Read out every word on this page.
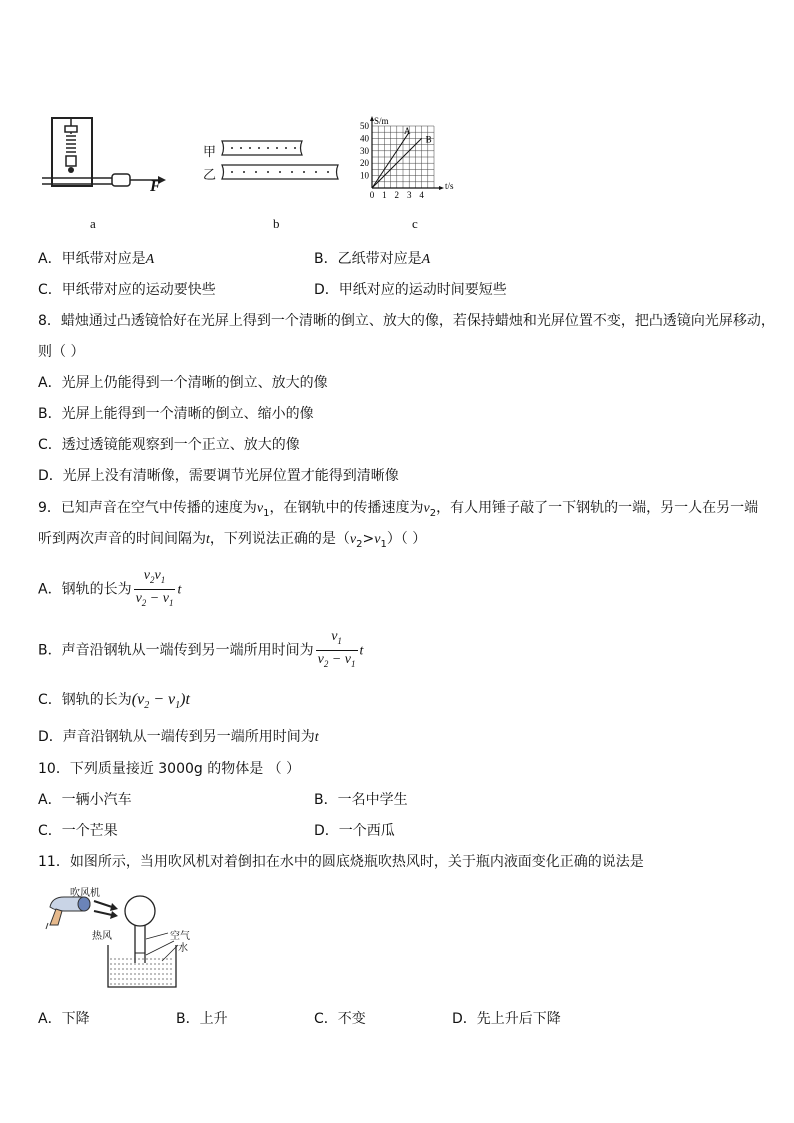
F
a
甲
乙
b
10
20
30
40
50
0 1 2 3 4
S/m
t/s
A
B
c
A．甲纸带对应是A	B．乙纸带对应是A
C．甲纸带对应的运动要快些	D．甲纸对应的运动时间要短些
8．蜡烛通过凸透镜恰好在光屏上得到一个清晰的倒立、放大的像，若保持蜡烛和光屏位置不变，把凸透镜向光屏移动，
则（ ）
A．光屏上仍能得到一个清晰的倒立、放大的像
B．光屏上能得到一个清晰的倒立、缩小的像
C．透过透镜能观察到一个正立、放大的像
D．光屏上没有清晰像，需要调节光屏位置才能得到清晰像
9．已知声音在空气中传播的速度为$v_1$，在钢轨中的传播速度为$v_2$，有人用锤子敲了一下钢轨的一端，另一人在另一端
听到两次声音的时间间隔为t，下列说法正确的是$(v_2>v_1)$（ ）
A．钢轨的长为 $\frac{v_2v_1}{v_2 - v_1}$ t
B．声音沿钢轨从一端传到另一端所用时间为 $\frac{v_1}{v_2 - v_1}$ t
C．钢轨的长为$(v_2 - v_1)t$
D．声音沿钢轨从一端传到另一端所用时间为t
10．下列质量接近 3000g 的物体是 （ ）
A．一辆小汽车	B．一名中学生
C．一个芒果	D．一个西瓜
11．如图所示，当用吹风机对着倒扣在水中的圆底烧瓶吹热风时，关于瓶内液面变化正确的说法是
吹风机
热风	空气
水
A．下降	B．上升	C．不变	D．先上升后下降
